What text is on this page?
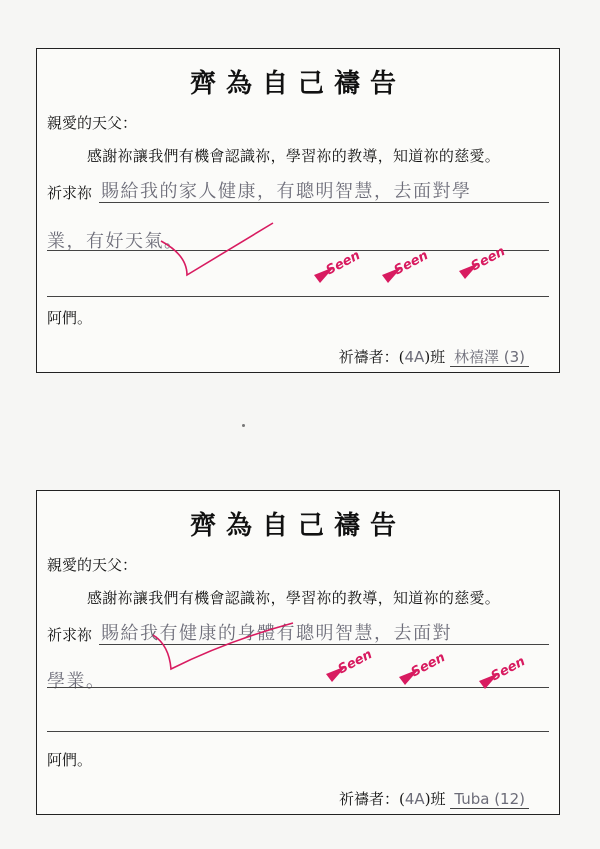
齊為自己禱告
親愛的天父：
感謝祢讓我們有機會認識祢，學習祢的教導，知道祢的慈愛。
祈求祢 賜給我的家人健康，有聰明智慧，去面對學
業，有好天氣。
阿們。
祈禱者：(4A)班 林禧澤 (3)
Seen Seen	Seen
齊為自己禱告
親愛的天父：
感謝祢讓我們有機會認識祢，學習祢的教導，知道祢的慈愛。
祈求祢 賜給我有健康的身體有聰明智慧，去面對
學業。
阿們。
祈禱者：(4A)班 Tuba (12)
Seen	Seen	Seen
